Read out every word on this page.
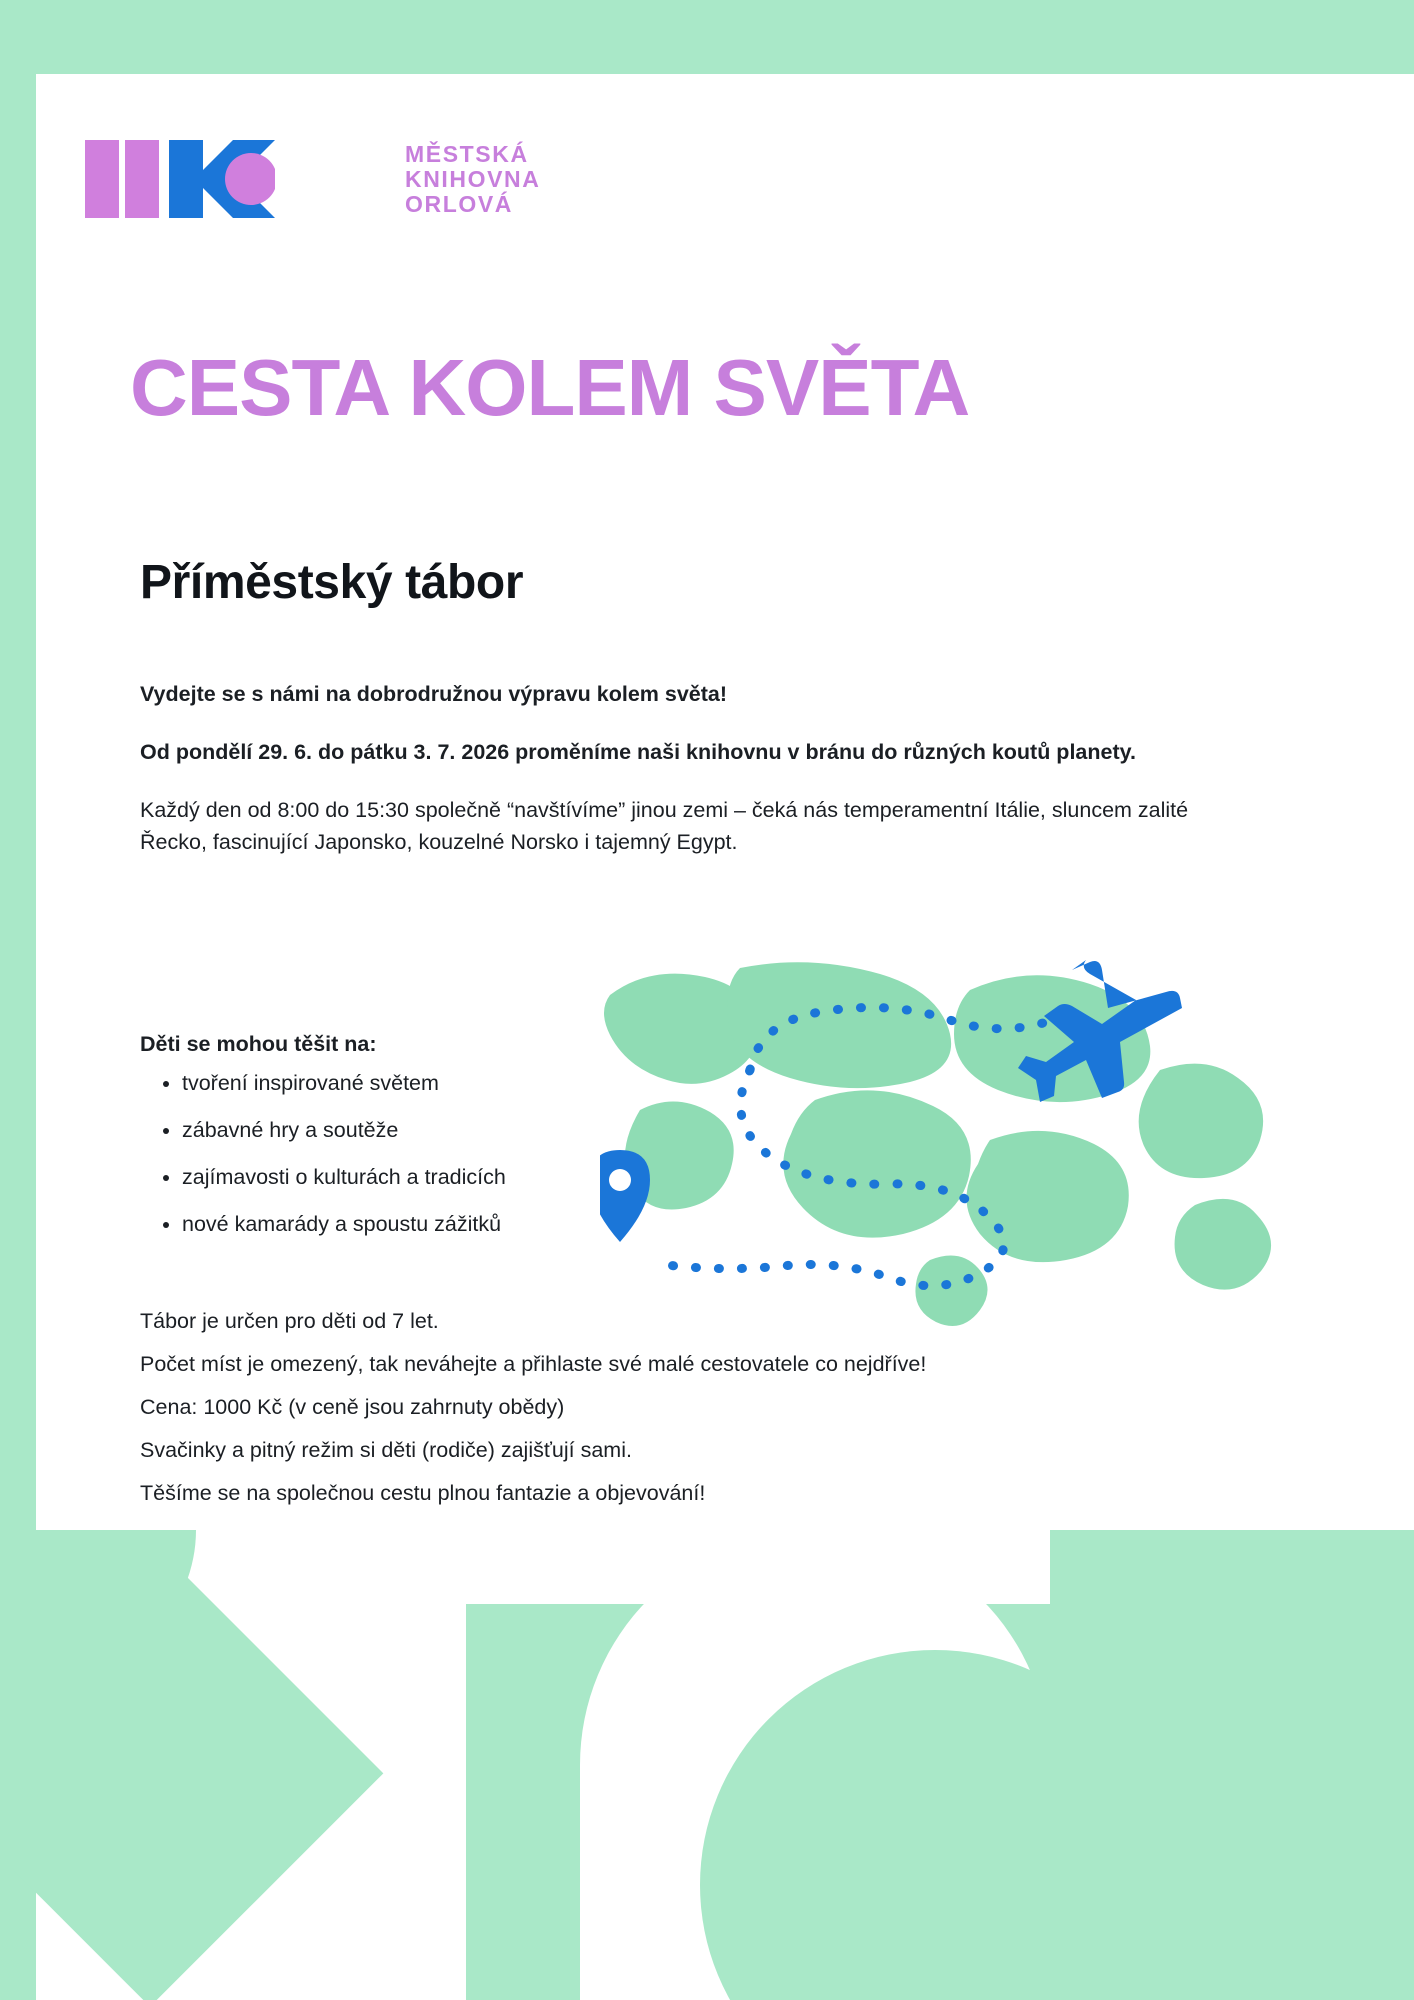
MĚSTSKÁ
KNIHOVNA
ORLOVÁ
CESTA KOLEM SVĚTA
Příměstský tábor

Vydejte se s námi na dobrodružnou výpravu kolem světa!

Od pondělí 29. 6. do pátku 3. 7. 2026 proměníme naši knihovnu v bránu do různých koutů planety.

Každý den od 8:00 do 15:30 společně “navštívíme” jinou zemi – čeká nás temperamentní Itálie, sluncem zalité Řecko, fascinující Japonsko, kouzelné Norsko i tajemný Egypt.

Děti se mohou těšit na:
• tvoření inspirované světem
• zábavné hry a soutěže
• zajímavosti o kulturách a tradicích
• nové kamarády a spoustu zážitků
Tábor je určen pro děti od 7 let.
Počet míst je omezený, tak neváhejte a přihlaste své malé cestovatele co nejdříve!
Cena: 1000 Kč (v ceně jsou zahrnuty obědy)
Svačinky a pitný režim si děti (rodiče) zajišťují sami.
Těšíme se na společnou cestu plnou fantazie a objevování!
